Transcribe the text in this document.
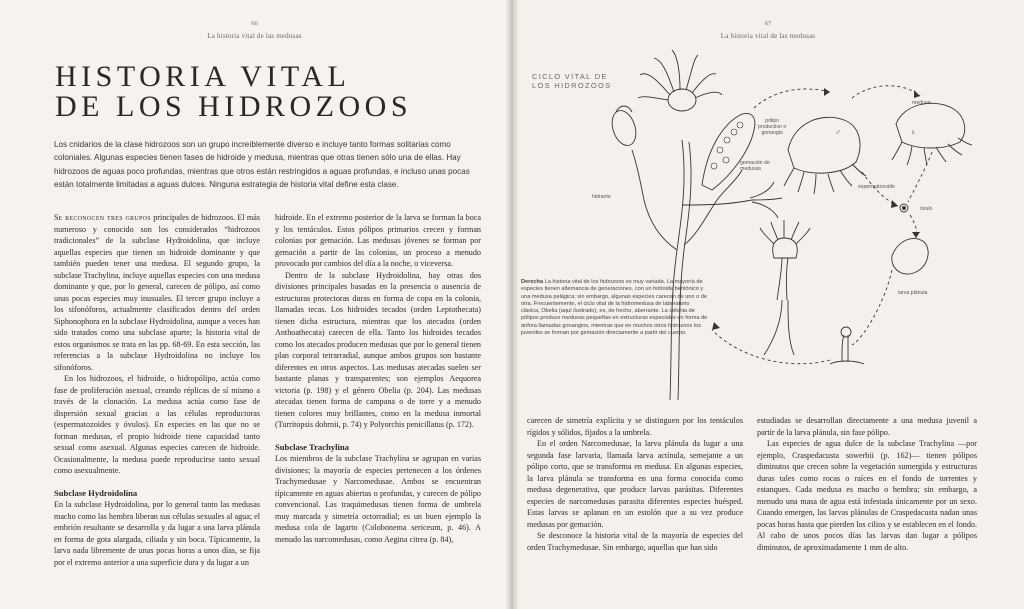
66
La historia vital de las medusas
HISTORIA VITAL
DE LOS HIDROZOOS

Los cnidarios de la clase hidrozoos son un grupo increíblemente diverso e incluye tanto formas solitarias como coloniales. Algunas especies tienen fases de hidroide y medusa, mientras que otras tienen sólo una de ellas. Hay hidrozoos de aguas poco profundas, mientras que otros están restringidos a aguas profundas, e incluso unas pocas están totalmente limitadas a aguas dulces. Ninguna estrategia de historia vital define esta clase.

Se reconocen tres grupos principales de hidrozoos. El más numeroso y conocido son los considerados “hidrozoos tradicionales” de la subclase Hydroidolina, que incluye aquellas especies que tienen un hidroide dominante y que también pueden tener una medusa. El segundo grupo, la subclase Trachylina, incluye aquellas especies con una medusa dominante y que, por lo general, carecen de pólipo, así como unas pocas especies muy inusuales. El tercer grupo incluye a los sifonóforos, actualmente clasificados dentro del orden Siphonophora en la subclase Hydroidolina, aunque a veces han sido tratados como una subclase aparte; la historia vital de estos organismos se trata en las pp. 68-69. En esta sección, las referencias a la subclase Hydroidolina no incluye los sifonóforos.

En los hidrozoos, el hidroide, o hidropólipo, actúa como fase de proliferación asexual, creando réplicas de sí mismo a través de la clonación. La medusa actúa como fase de dispersión sexual gracias a las células reproductoras (espermatozoides y óvulos). En especies en las que no se forman medusas, el propio hidroide tiene capacidad tanto sexual como asexual. Algunas especies carecen de hidroide. Ocasionalmente, la medusa puede reproducirse tanto sexual como asexualmente.

Subclase Hydroidolina

En la subclase Hydroidolina, por lo general tanto las medusas macho como las hembra liberan sus células sexuales al agua; el embrión resultante se desarrolla y da lugar a una larva plánula en forma de gota alargada, ciliada y sin boca. Típicamente, la larva nada libremente de unas pocas horas a unos días, se fija por el extremo anterior a una superficie dura y da lugar a un

hidroide. En el extremo posterior de la larva se forman la boca y los tentáculos. Estos pólipos primarios crecen y forman colonias por gemación. Las medusas jóvenes se forman por gemación a partir de las colonias, un proceso a menudo provocado por cambios del día a la noche, o viceversa.

Dentro de la subclase Hydroidolina, hay otras dos divisiones principales basadas en la presencia o ausencia de estructuras protectoras duras en forma de copa en la colonia, llamadas tecas. Los hidroides tecados (orden Leptothecata) tienen dicha estructura, mientras que los atecados (orden Anthoathecata) carecen de ella. Tanto los hidroides tecados como los atecados producen medusas que por lo general tienen plan corporal tetrarradial, aunque ambos grupos son bastante diferentes en otros aspectos. Las medusas atecadas suelen ser bastante planas y transparentes; son ejemplos Aequorea victoria (p. 198) y el género Obelia (p. 204). Las medusas atecadas tienen forma de campana o de torre y a menudo tienen colores muy brillantes, como en la medusa inmortal (Turritopsis dohrnii, p. 74) y Polyorchis penicillatus (p. 172).

Subclase Trachylina

Los miembros de la subclase Trachylina se agrupan en varias divisiones; la mayoría de especies pertenecen a los órdenes Trachymedusae y Narcomedusae. Ambos se encuentran típicamente en aguas abiertas o profundas, y carecen de pólipo convencional. Las traquimedusas tienen forma de umbrela muy marcada y simetría octorradial; es un buen ejemplo la medusa cola de lagarto (Colobonema sericeum, p. 46). A menudo las narcomedusas, como Aegina citrea (p. 84),

67
La historia vital de las medusas

carecen de simetría explícita y se distinguen por los tentáculos rígidos y sólidos, fijados a la umbrela.

En el orden Narcomedusae, la larva plánula da lugar a una segunda fase larvaria, llamada larva actínula, semejante a un pólipo corto, que se transforma en medusa. En algunas especies, la larva plánula se transforma en una forma conocida como medusa degenerativa, que produce larvas parásitas. Diferentes especies de narcomedusas parasita diferentes especies huésped. Estas larvas se aplanan en un estolón que a su vez produce medusas por gemación.

Se desconoce la historia vital de la mayoría de especies del orden Trachymedusae. Sin embargo, aquellas que han sido

estudiadas se desarrollan directamente a una medusa juvenil a partir de la larva plánula, sin fase pólipo.

Las especies de agua dulce de la subclase Trachylina —por ejemplo, Craspedacusta sowerbii (p. 162)— tienen pólipos diminutos que crecen sobre la vegetación sumergida y estructuras duras tales como rocas o raíces en el fondo de torrentes y estanques. Cada medusa es macho o hembra; sin embargo, a menudo una masa de agua está infestada únicamente por un sexo. Cuando emergen, las larvas plánulas de Craspedacusta nadan unas pocas horas hasta que pierden los cilios y se establecen en el fondo. Al cabo de unos pocos días las larvas dan lugar a pólipos diminutos, de aproximadamente 1 mm de alto.

CICLO VITAL DE
LOS HIDROZOOS
medusa
♀
♂
pólipo
productivo o
gonangio
gemación de
medusas
hidrante
espermatozoide
óvulo
larva plánula

Derecha La historia vital de los hidrozoos es muy variada. La mayoría de especies tienen alternancia de generaciones, con un hidroide bentónico y una medusa pelágica; sin embargo, algunas especies carecen de uno o de otra. Frecuentemente, el ciclo vital de la hidromedusa de laboratorio clásica, Obelia (aquí ilustrado), es, de hecho, aberrante. La colonia de pólipos produce medusas pequeñas en estructuras especiales en forma de ánfora llamadas gonangios, mientras que en muchos otros hidrozoos los juveniles se forman por gemación directamente a partir del cuerpo.
